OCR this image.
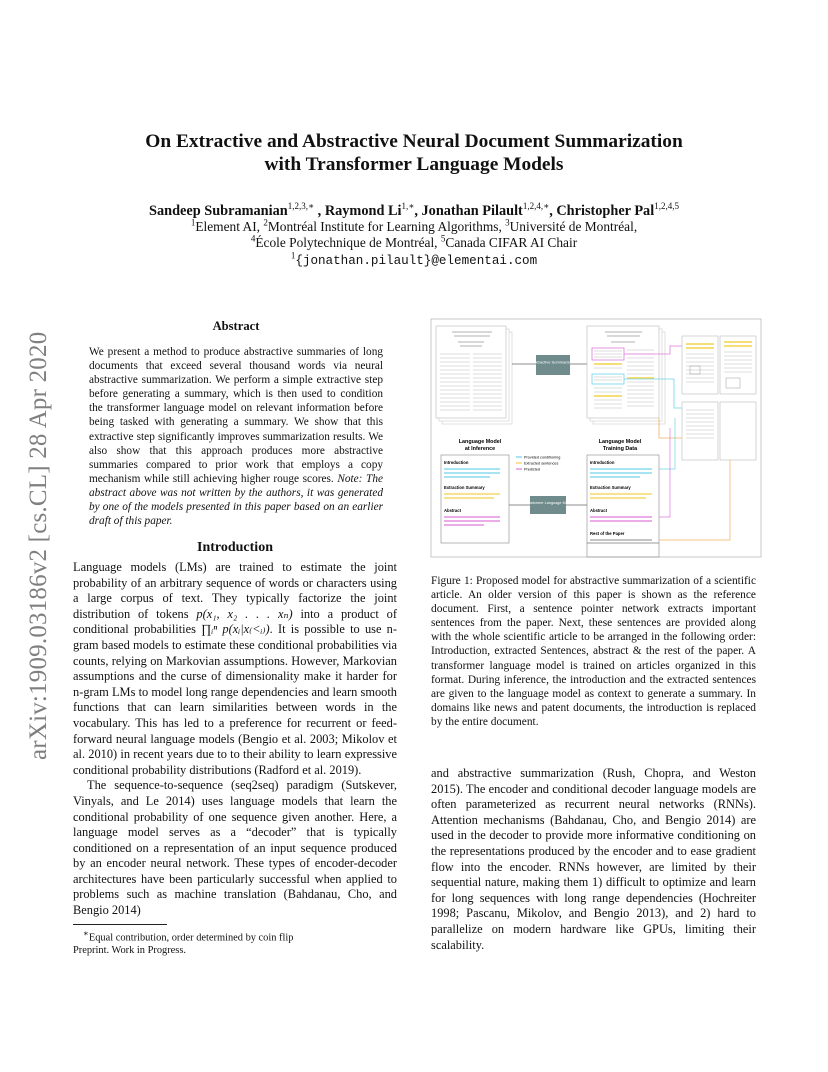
arXiv:1909.03186v2 [cs.CL] 28 Apr 2020
On Extractive and Abstractive Neural Document Summarization
with Transformer Language Models
Sandeep Subramanian$^{1,2,3,∗}$ , Raymond $Li^{1,∗}$, Jonathan Pilault$^{1,2,4,∗}$, Christopher Pal$^{1,2,4,5}$
$^1$Element AI, $^2$Montréal Institute for Learning Algorithms, $^3$Université de Montréal,
$^4$École Polytechnique de Montréal, $^5$Canada CIFAR AI Chair
$^1${jonathan.pilault}@elementai.com
Abstract
We present a method to produce abstractive summaries of long documents that exceed several thousand words via neural abstractive summarization. We perform a simple extractive step before generating a summary, which is then used to condition the transformer language model on relevant information before being tasked with generating a summary. We show that this extractive step significantly improves summarization results. We also show that this approach produces more abstractive summaries compared to prior work that employs a copy mechanism while still achieving higher rouge scores. Note: The abstract above was not written by the authors, it was generated by one of the models presented in this paper based on an earlier draft of this paper.
Introduction

Language models (LMs) are trained to estimate the joint probability of an arbitrary sequence of words or characters using a large corpus of text. They typically factorize the joint distribution of tokens p(x₁, x₂ . . . xₙ) into a product of conditional probabilities ∏ᵢⁿ p(xᵢ|x₍<ᵢ₎). It is possible to use n-gram based models to estimate these conditional probabilities via counts, relying on Markovian assumptions. However, Markovian assumptions and the curse of dimensionality make it harder for n-gram LMs to model long range dependencies and learn smooth functions that can learn similarities between words in the vocabulary. This has led to a preference for recurrent or feed-forward neural language models (Bengio et al. 2003; Mikolov et al. 2010) in recent years due to to their ability to learn expressive conditional probability distributions (Radford et al. 2019).

The sequence-to-sequence (seq2seq) paradigm (Sutskever, Vinyals, and Le 2014) uses language models that learn the conditional probability of one sequence given another. Here, a language model serves as a “decoder” that is typically conditioned on a representation of an input sequence produced by an encoder neural network. These types of encoder-decoder architectures have been particularly successful when applied to problems such as machine translation (Bahdanau, Cho, and Bengio 2014)

∗Equal contribution, order determined by coin flip
Preprint. Work in Progress.
Extractive Summarizer
Language Model
at Inference
Language Model
Training Data
Provided conditioning
Extracted sentences
Predicted
Introduction
Extraction Summary
Abstract
Transformer Language Model
Introduction
Extraction Summary
Abstract
Rest of the Paper
Figure 1: Proposed model for abstractive summarization of a scientific article. An older version of this paper is shown as the reference document. First, a sentence pointer network extracts important sentences from the paper. Next, these sentences are provided along with the whole scientific article to be arranged in the following order: Introduction, extracted Sentences, abstract & the rest of the paper. A transformer language model is trained on articles organized in this format. During inference, the introduction and the extracted sentences are given to the language model as context to generate a summary. In domains like news and patent documents, the introduction is replaced by the entire document.

and abstractive summarization (Rush, Chopra, and Weston 2015). The encoder and conditional decoder language models are often parameterized as recurrent neural networks (RNNs). Attention mechanisms (Bahdanau, Cho, and Bengio 2014) are used in the decoder to provide more informative conditioning on the representations produced by the encoder and to ease gradient flow into the encoder. RNNs however, are limited by their sequential nature, making them 1) difficult to optimize and learn for long sequences with long range dependencies (Hochreiter 1998; Pascanu, Mikolov, and Bengio 2013), and 2) hard to parallelize on modern hardware like GPUs, limiting their scalability.
